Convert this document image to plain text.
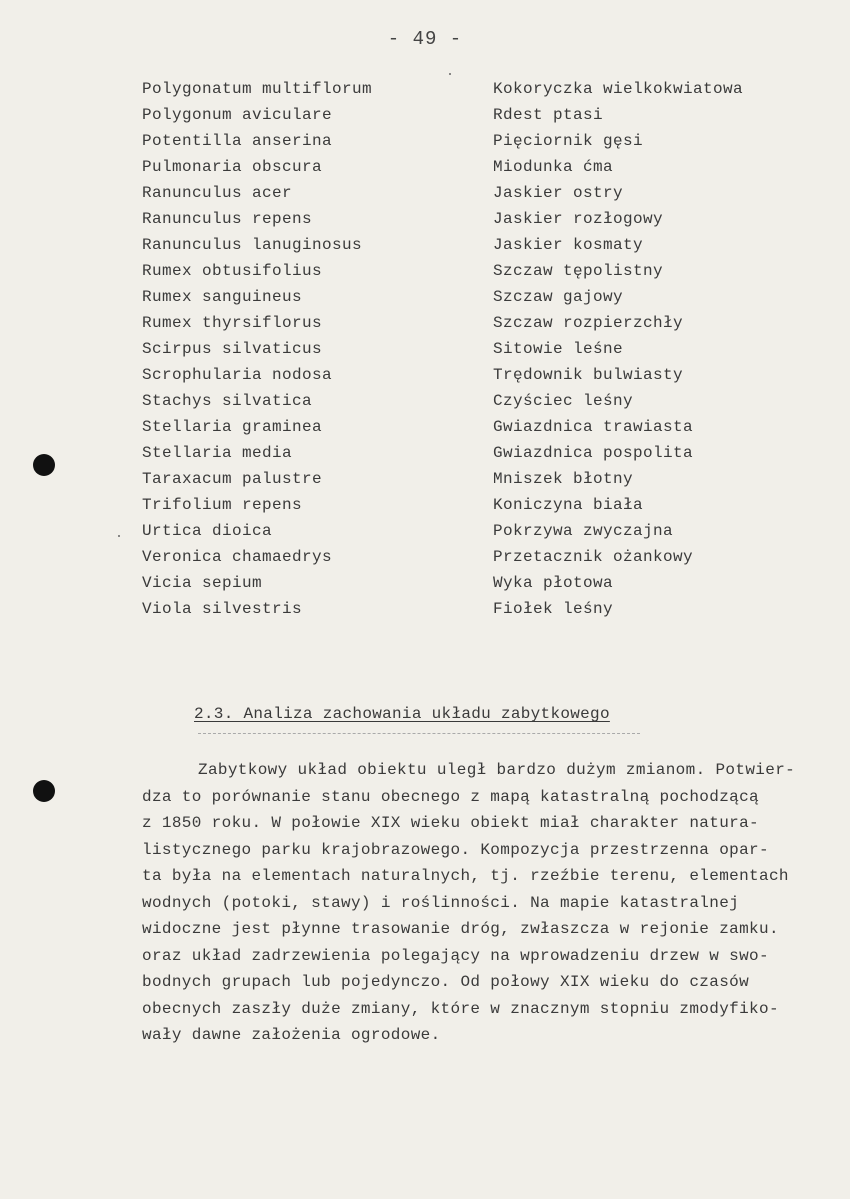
- 49 -
Polygonatum multiflorum	Kokoryczka wielkokwiatowa
Polygonum aviculare	Rdest ptasi
Potentilla anserina	Pięciornik gęsi
Pulmonaria obscura	Miodunka ćma
Ranunculus acer	Jaskier ostry
Ranunculus repens	Jaskier rozłogowy
Ranunculus lanuginosus	Jaskier kosmaty
Rumex obtusifolius	Szczaw tępolistny
Rumex sanguineus	Szczaw gajowy
Rumex thyrsiflorus	Szczaw rozpierzchły
Scirpus silvaticus	Sitowie leśne
Scrophularia nodosa	Trędownik bulwiasty
Stachys silvatica	Czyściec leśny
Stellaria graminea	Gwiazdnica trawiasta
Stellaria media	Gwiazdnica pospolita
Taraxacum palustre	Mniszek błotny
Trifolium repens	Koniczyna biała
Urtica dioica	Pokrzywa zwyczajna
Veronica chamaedrys	Przetacznik ożankowy
Vicia sepium	Wyka płotowa
Viola silvestris	Fiołek leśny
2.3. Analiza zachowania układu zabytkowego
Zabytkowy układ obiektu uległ bardzo dużym zmianom. Potwier-
dza to porównanie stanu obecnego z mapą katastralną pochodzącą
z 1850 roku. W połowie XIX wieku obiekt miał charakter natura-
listycznego parku krajobrazowego. Kompozycja przestrzenna opar-
ta była na elementach naturalnych, tj. rzeźbie terenu, elementach
wodnych (potoki, stawy) i roślinności. Na mapie katastralnej
widoczne jest płynne trasowanie dróg, zwłaszcza w rejonie zamku.
oraz układ zadrzewienia polegający na wprowadzeniu drzew w swo-
bodnych grupach lub pojedynczo. Od połowy XIX wieku do czasów
obecnych zaszły duże zmiany, które w znacznym stopniu zmodyfiko-
wały dawne założenia ogrodowe.
